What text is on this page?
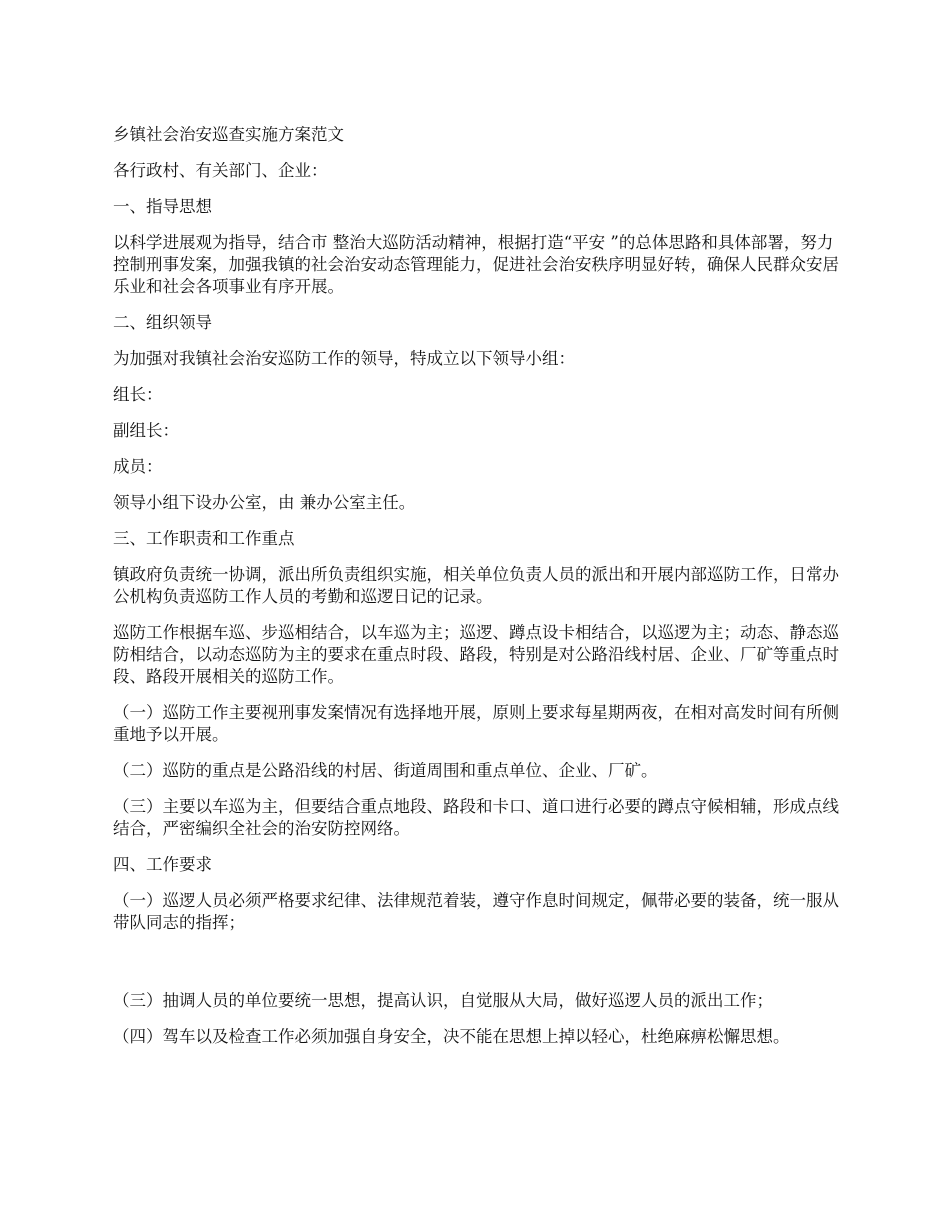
乡镇社会治安巡查实施方案范文

各行政村、有关部门、企业：

一、指导思想

以科学进展观为指导，结合市 整治大巡防活动精神，根据打造“平安 ”的总体思路和具体部署，努力控制刑事发案，加强我镇的社会治安动态管理能力，促进社会治安秩序明显好转，确保人民群众安居乐业和社会各项事业有序开展。

二、组织领导

为加强对我镇社会治安巡防工作的领导，特成立以下领导小组：

组长：

副组长：

成员：

领导小组下设办公室，由 兼办公室主任。

三、工作职责和工作重点

镇政府负责统一协调，派出所负责组织实施，相关单位负责人员的派出和开展内部巡防工作，日常办公机构负责巡防工作人员的考勤和巡逻日记的记录。

巡防工作根据车巡、步巡相结合，以车巡为主；巡逻、蹲点设卡相结合，以巡逻为主；动态、静态巡防相结合，以动态巡防为主的要求在重点时段、路段，特别是对公路沿线村居、企业、厂矿等重点时段、路段开展相关的巡防工作。

（一）巡防工作主要视刑事发案情况有选择地开展，原则上要求每星期两夜，在相对高发时间有所侧重地予以开展。

（二）巡防的重点是公路沿线的村居、街道周围和重点单位、企业、厂矿。

（三）主要以车巡为主，但要结合重点地段、路段和卡口、道口进行必要的蹲点守候相辅，形成点线结合，严密编织全社会的治安防控网络。

四、工作要求

（一）巡逻人员必须严格要求纪律、法律规范着装，遵守作息时间规定，佩带必要的装备，统一服从带队同志的指挥；

（三）抽调人员的单位要统一思想，提高认识，自觉服从大局，做好巡逻人员的派出工作；

（四）驾车以及检查工作必须加强自身安全，决不能在思想上掉以轻心，杜绝麻痹松懈思想。
